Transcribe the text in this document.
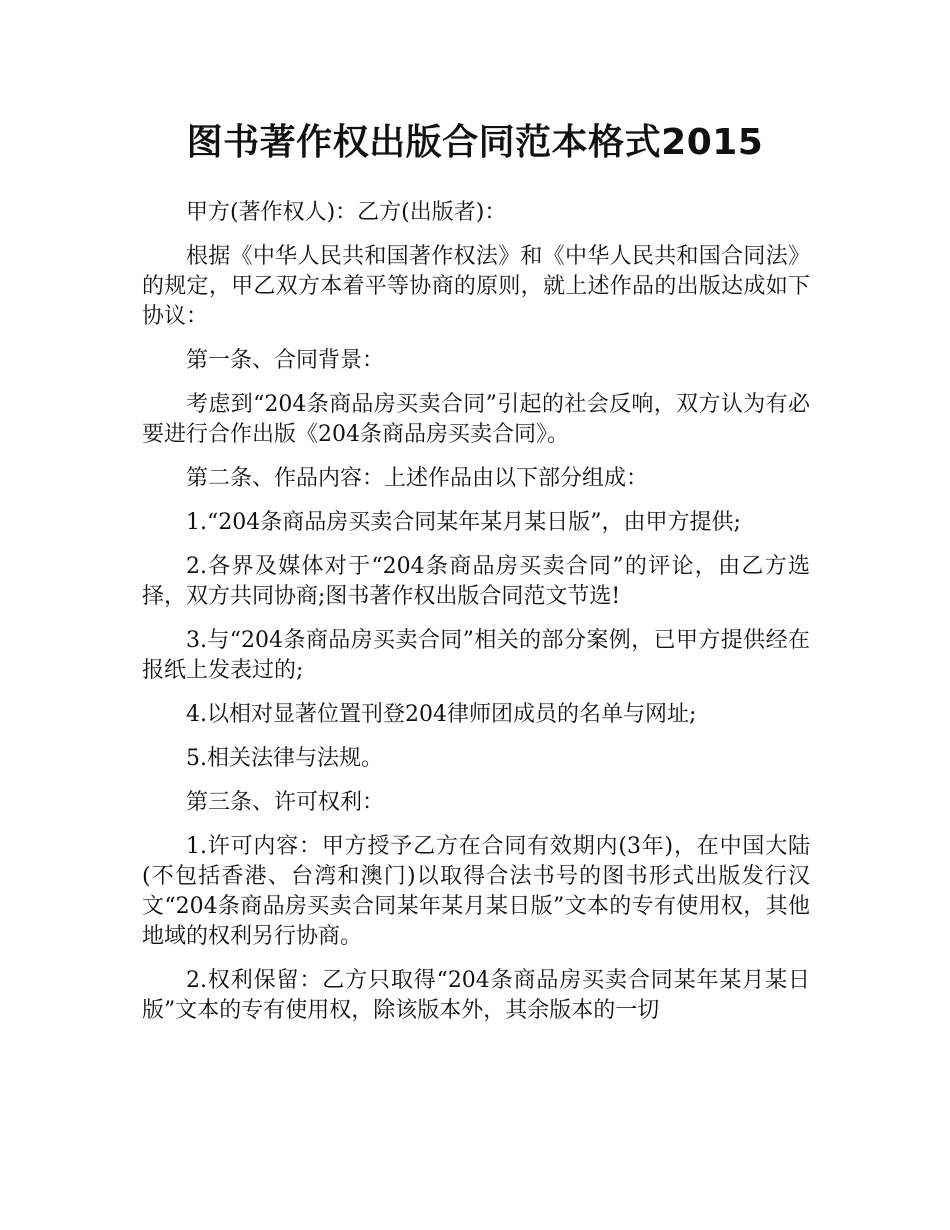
图书著作权出版合同范本格式2015

甲方(著作权人)：乙方(出版者)：

根据《中华人民共和国著作权法》和《中华人民共和国合同法》的规定，甲乙双方本着平等协商的原则，就上述作品的出版达成如下协议：

第一条、合同背景：

考虑到“204条商品房买卖合同”引起的社会反响，双方认为有必要进行合作出版《204条商品房买卖合同》。

第二条、作品内容：上述作品由以下部分组成：

1.“204条商品房买卖合同某年某月某日版”，由甲方提供;

2.各界及媒体对于“204条商品房买卖合同”的评论，由乙方选择，双方共同协商;图书著作权出版合同范文节选!

3.与“204条商品房买卖合同”相关的部分案例，已甲方提供经在报纸上发表过的;

4.以相对显著位置刊登204律师团成员的名单与网址;

5.相关法律与法规。

第三条、许可权利：

1.许可内容：甲方授予乙方在合同有效期内(3年)，在中国大陆(不包括香港、台湾和澳门)以取得合法书号的图书形式出版发行汉文“204条商品房买卖合同某年某月某日版”文本的专有使用权，其他地域的权利另行协商。

2.权利保留：乙方只取得“204条商品房买卖合同某年某月某日版”文本的专有使用权，除该版本外，其余版本的一切
